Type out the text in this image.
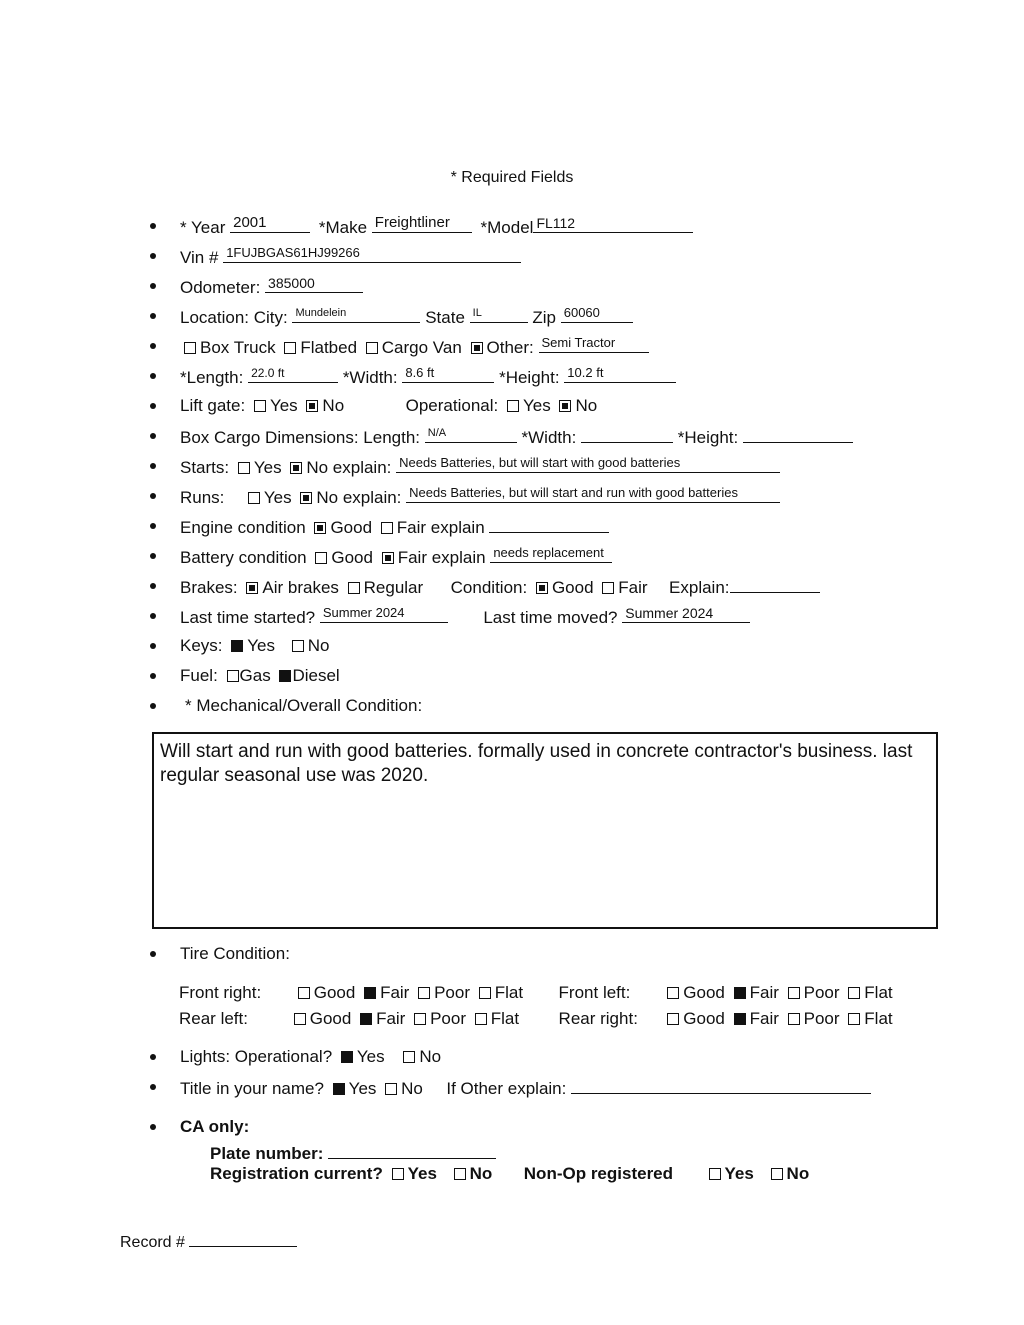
* Required Fields
* Year 2001	*Make Freightliner *Model FL112
Vin # 1FUJBGAS61HJ99266
Odometer: 385000
Location: City: Mundelein	State IL	Zip 60060
Box Truck Flatbed Cargo Van Other: Semi Tractor
*Length: 22.0 ft	*Width: 8.6 ft	*Height: 10.2 ft
Lift gate: Yes No	Operational: Yes No
Box Cargo Dimensions: Length: N/A	*Width:	*Height:
Starts: Yes No explain: Needs Batteries, but will start with good batteries
Runs: Yes No explain: Needs Batteries, but will start and run with good batteries
Engine condition Good Fair explain
Battery condition Good Fair explain needs replacement
Brakes: Air brakes Regular Condition: Good Fair Explain:
Last time started? Summer 2024	Last time moved? Summer 2024
Keys: Yes No
Fuel: Gas Diesel
* Mechanical/Overall Condition:
Will start and run with good batteries. formally used in concrete contractor's business. last regular seasonal use was 2020.
Tire Condition:
Front right:	Good Fair Poor Flat Front left:	Good Fair Poor Flat
Rear left:	Good Fair Poor Flat Rear right:	Good Fair Poor Flat
Lights: Operational? Yes No
Title in your name? Yes No If Other explain:
CA only:
Plate number:
Registration current? Yes No Non-Op registered	Yes No
Record #
